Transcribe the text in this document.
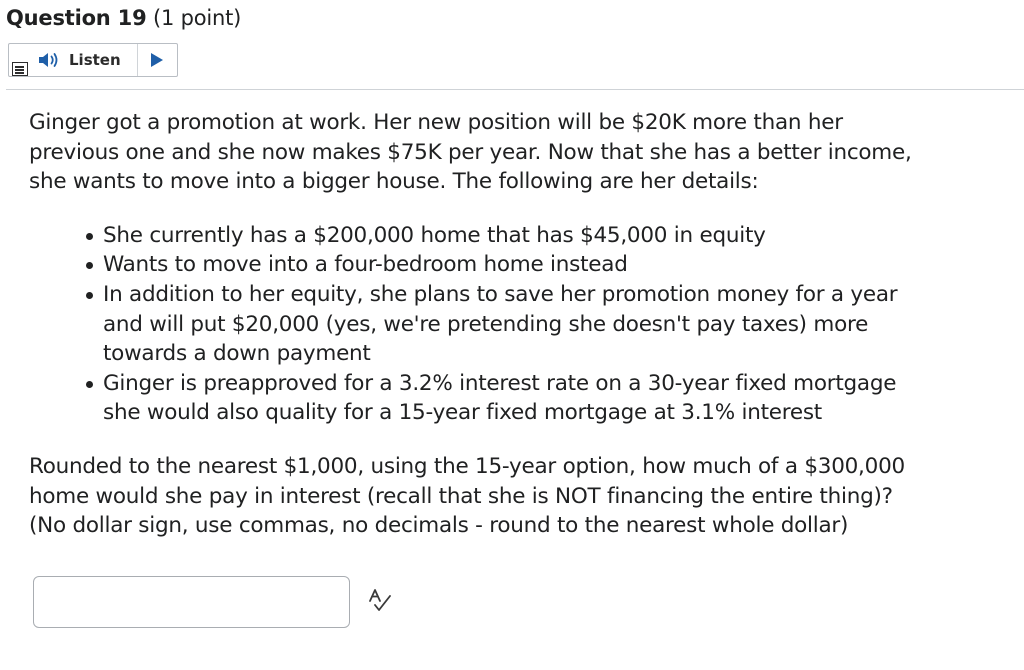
Question 19 (1 point)
Listen

Ginger got a promotion at work. Her new position will be $20K more than her
previous one and she now makes $75K per year. Now that she has a better income,
she wants to move into a bigger house. The following are her details:

She currently has a $200,000 home that has $45,000 in equity
Wants to move into a four-bedroom home instead
In addition to her equity, she plans to save her promotion money for a year
and will put $20,000 (yes, we're pretending she doesn't pay taxes) more
towards a down payment
Ginger is preapproved for a 3.2% interest rate on a 30-year fixed mortgage
she would also quality for a 15-year fixed mortgage at 3.1% interest

Rounded to the nearest $1,000, using the 15-year option, how much of a $300,000
home would she pay in interest (recall that she is NOT financing the entire thing)?
(No dollar sign, use commas, no decimals - round to the nearest whole dollar)
